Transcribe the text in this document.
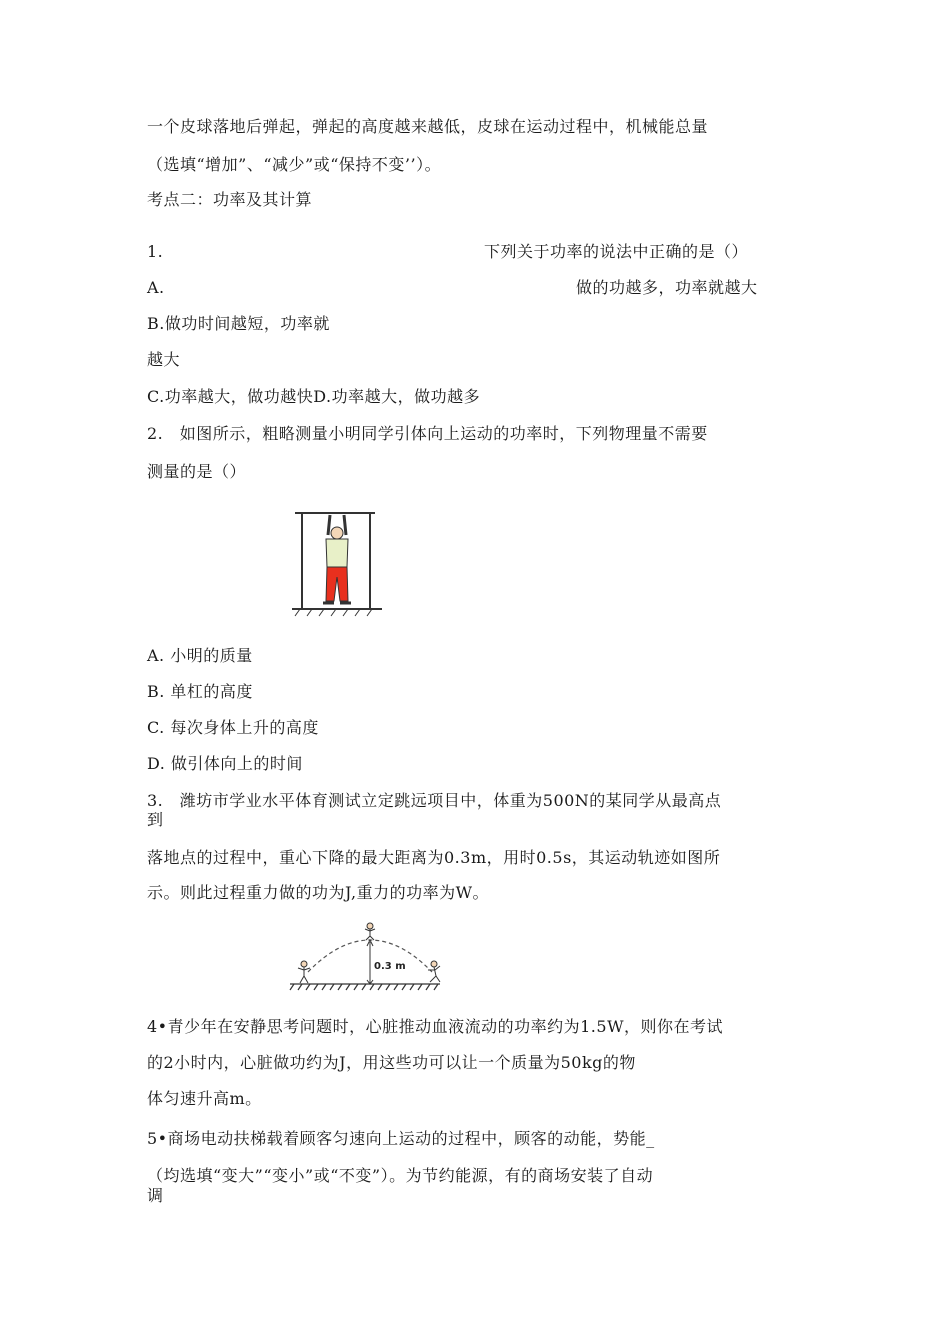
一个皮球落地后弹起，弹起的高度越来越低，皮球在运动过程中，机械能总量
（选填“增加”、“减少”或“保持不变’’）。
考点二：功率及其计算
1.	下列关于功率的说法中正确的是（）
A.	做的功越多，功率就越大
B.做功时间越短，功率就
越大
C.功率越大，做功越快D.功率越大，做功越多
2.　如图所示，粗略测量小明同学引体向上运动的功率时，下列物理量不需要
测量的是（）
A. 小明的质量
B. 单杠的高度
C. 每次身体上升的高度
D. 做引体向上的时间
3.　潍坊市学业水平体育测试立定跳远项目中，体重为500N的某同学从最高点
到
落地点的过程中，重心下降的最大距离为0.3m，用时0.5s，其运动轨迹如图所
示。则此过程重力做的功为J,重力的功率为W。
0.3 m
4•青少年在安静思考问题时，心脏推动血液流动的功率约为1.5W，则你在考试
的2小时内，心脏做功约为J，用这些功可以让一个质量为50kg的物
体匀速升高m。
5•商场电动扶梯载着顾客匀速向上运动的过程中，顾客的动能，势能_
（均选填“变大”“变小”或“不变”）。为节约能源，有的商场安装了自动
调
